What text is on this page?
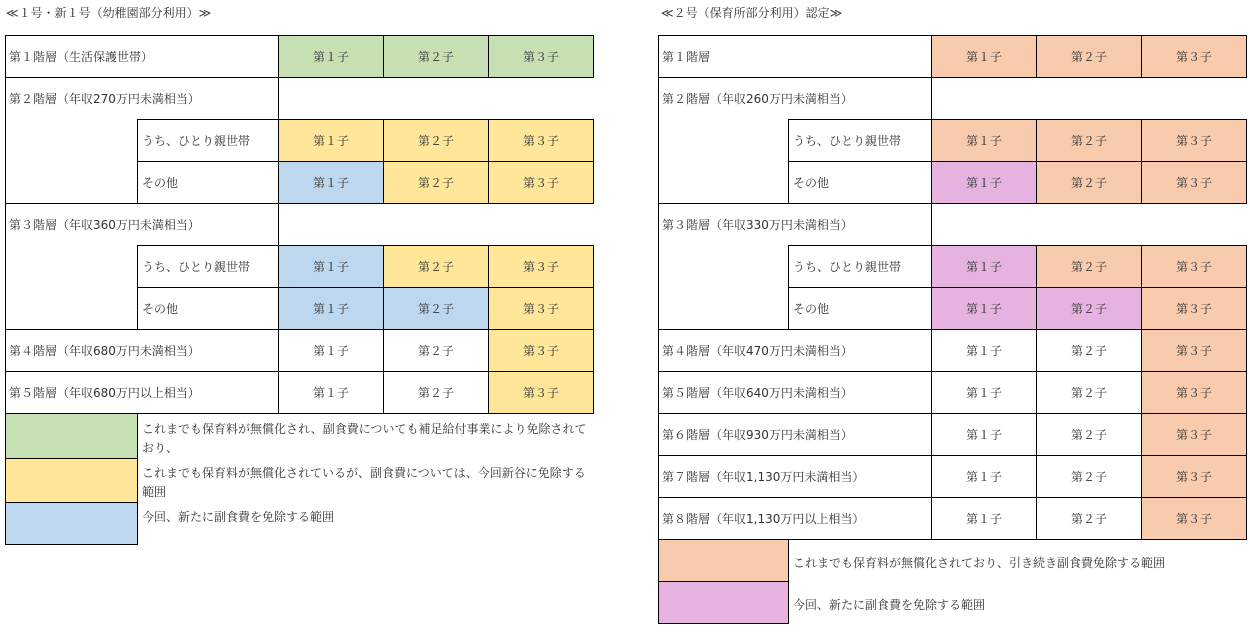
≪１号・新１号（幼稚園部分利用）≫
第１階層（生活保護世帯）		第１子	第２子	第３子
第２階層（年収270万円未満相当）				
	うち、ひとり親世帯	第１子	第２子	第３子
	その他	第１子	第２子	第３子
第３階層（年収360万円未満相当）				
	うち、ひとり親世帯	第１子	第２子	第３子
	その他	第１子	第２子	第３子
第４階層（年収680万円未満相当）		第１子	第２子	第３子
第５階層（年収680万円以上相当）		第１子	第２子	第３子
	これまでも保育料が無償化され、副食費についても補足給付事業により免除されており、			
	これまでも保育料が無償化されているが、副食費については、今回新谷に免除する範囲			
	今回、新たに副食費を免除する範囲			
≪２号（保育所部分利用）認定≫
第１階層		第１子	第２子	第３子
第２階層（年収260万円未満相当）				
	うち、ひとり親世帯	第１子	第２子	第３子
	その他	第１子	第２子	第３子
第３階層（年収330万円未満相当）				
	うち、ひとり親世帯	第１子	第２子	第３子
	その他	第１子	第２子	第３子
第４階層（年収470万円未満相当）		第１子	第２子	第３子
第５階層（年収640万円未満相当）		第１子	第２子	第３子
第６階層（年収930万円未満相当）		第１子	第２子	第３子
第７階層（年収1,130万円未満相当）		第１子	第２子	第３子
第８階層（年収1,130万円以上相当）		第１子	第２子	第３子
	これまでも保育料が無償化されており、引き続き副食費免除する範囲			
	今回、新たに副食費を免除する範囲			
